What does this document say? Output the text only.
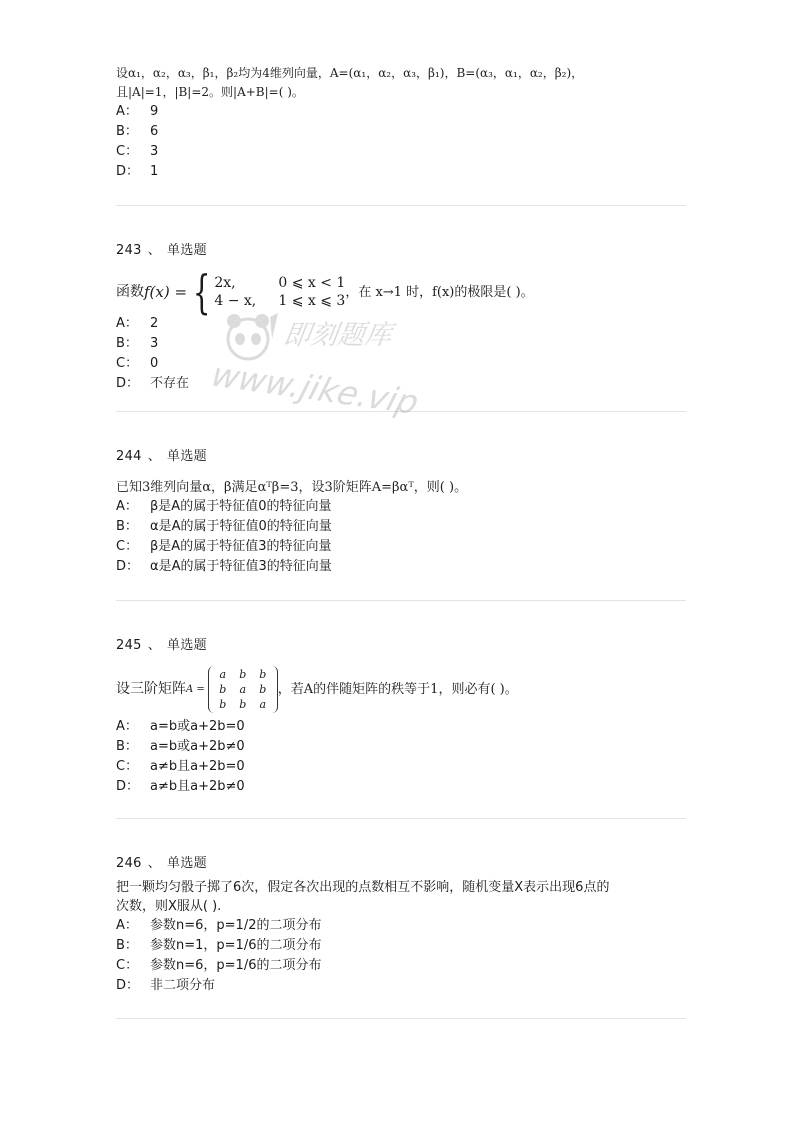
设α₁，α₂，α₃，β₁，β₂均为4维列向量，A=(α₁，α₂，α₃，β₁)，B=(α₃，α₁，α₂，β₂)，
且|A|=1，|B|=2。则|A+B|=( )。
A： 9
B： 6
C： 3
D： 1
243 、 单选题
函数 f(x) = { 2x,	0 ⩽ x < 1
4 − x, 1 ⩽ x ⩽ 3
，在 x→1 时，f(x)的极限是( )。
A： 2
B： 3
C： 0
D： 不存在
即刻题库
www.jike.vip
244 、 单选题
已知3维列向量α，β满足αᵀβ=3，设3阶矩阵A=βαᵀ，则( )。
A： β是A的属于特征值0的特征向量
B： α是A的属于特征值0的特征向量
C： β是A的属于特征值3的特征向量
D： α是A的属于特征值3的特征向量
245 、 单选题
设三阶矩阵 A =
a	b	b
b	a	b
b	b	a
，若A的伴随矩阵的秩等于1，则必有( )。
A： a=b或a+2b=0
B： a=b或a+2b≠0
C： a≠b且a+2b=0
D： a≠b且a+2b≠0
246 、 单选题
把一颗均匀骰子掷了6次，假定各次出现的点数相互不影响，随机变量X表示出现6点的
次数，则X服从( ).
A： 参数n=6，p=1/2的二项分布
B： 参数n=1，p=1/6的二项分布
C： 参数n=6，p=1/6的二项分布
D： 非二项分布
